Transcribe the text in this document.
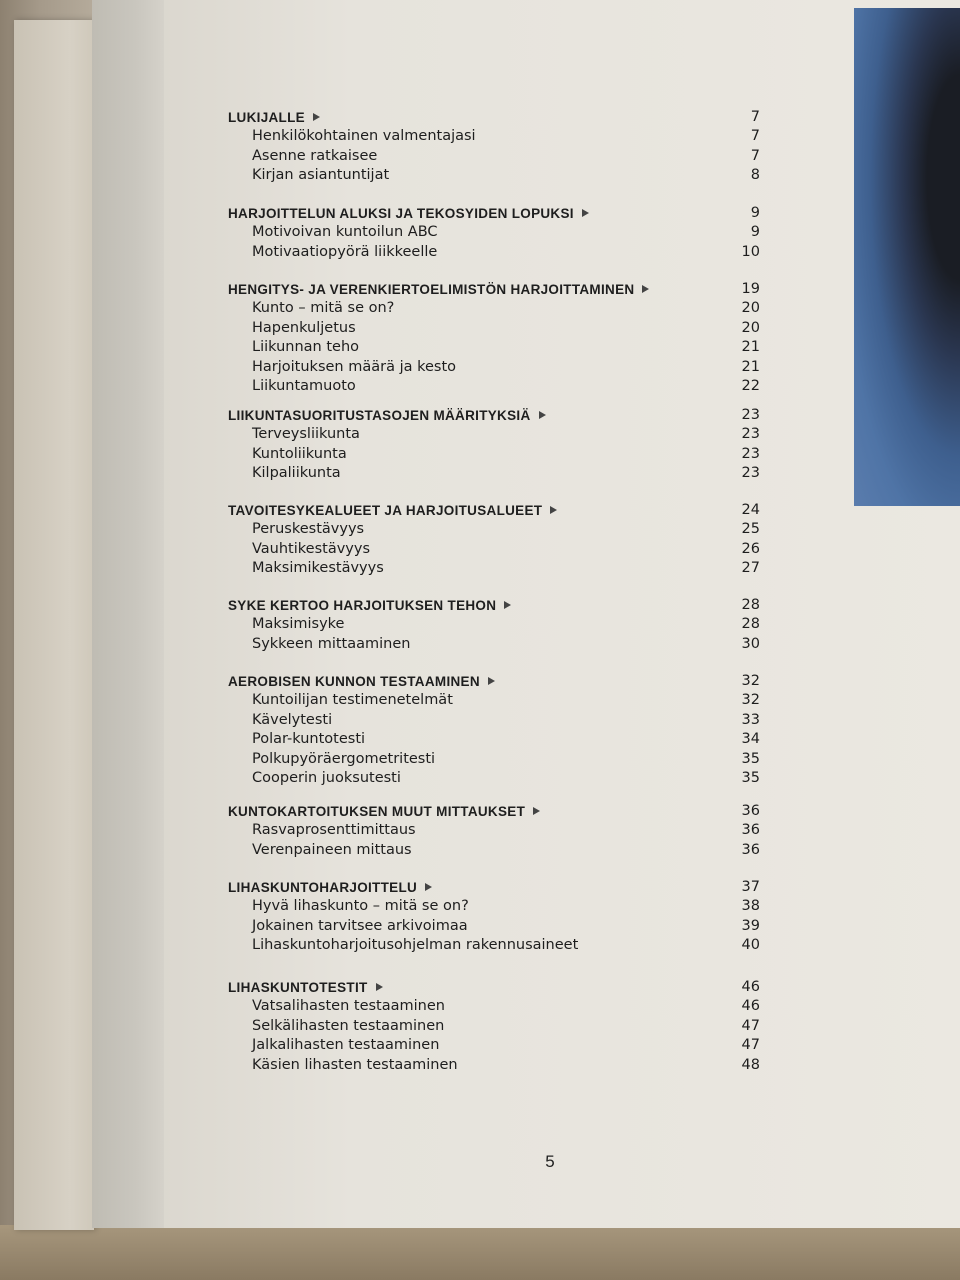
LUKIJALLE	7
Henkilökohtainen valmentajasi	7
Asenne ratkaisee	7
Kirjan asiantuntijat	8
HARJOITTELUN ALUKSI JA TEKOSYIDEN LOPUKSI	9
Motivoivan kuntoilun ABC	9
Motivaatiopyörä liikkeelle	10
HENGITYS- JA VERENKIERTOELIMISTÖN HARJOITTAMINEN	19
Kunto – mitä se on?	20
Hapenkuljetus	20
Liikunnan teho	21
Harjoituksen määrä ja kesto	21
Liikuntamuoto	22
LIIKUNTASUORITUSTASOJEN MÄÄRITYKSIÄ	23
Terveysliikunta	23
Kuntoliikunta	23
Kilpaliikunta	23
TAVOITESYKEALUEET JA HARJOITUSALUEET	24
Peruskestävyys	25
Vauhtikestävyys	26
Maksimikestävyys	27
SYKE KERTOO HARJOITUKSEN TEHON	28
Maksimisyke	28
Sykkeen mittaaminen	30
AEROBISEN KUNNON TESTAAMINEN	32
Kuntoilijan testimenetelmät	32
Kävelytesti	33
Polar-kuntotesti	34
Polkupyöräergometritesti	35
Cooperin juoksutesti	35
KUNTOKARTOITUKSEN MUUT MITTAUKSET	36
Rasvaprosenttimittaus	36
Verenpaineen mittaus	36
LIHASKUNTOHARJOITTELU	37
Hyvä lihaskunto – mitä se on?	38
Jokainen tarvitsee arkivoimaa	39
Lihaskuntoharjoitusohjelman rakennusaineet	40
LIHASKUNTOTESTIT	46
Vatsalihasten testaaminen	46
Selkälihasten testaaminen	47
Jalkalihasten testaaminen	47
Käsien lihasten testaaminen	48
5
